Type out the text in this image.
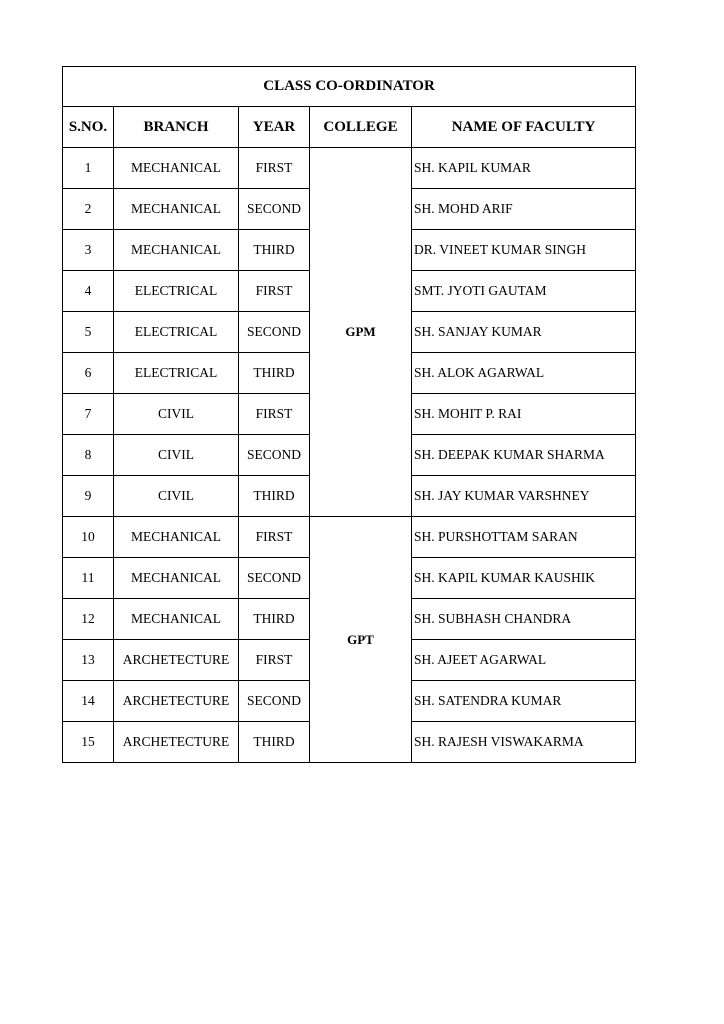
CLASS CO-ORDINATOR				
S.NO.	BRANCH	YEAR	COLLEGE	NAME OF FACULTY
1	MECHANICAL	FIRST	GPM	SH. KAPIL KUMAR
2	MECHANICAL	SECOND		SH. MOHD ARIF
3	MECHANICAL	THIRD		DR. VINEET KUMAR SINGH
4	ELECTRICAL	FIRST		SMT. JYOTI GAUTAM
5	ELECTRICAL	SECOND		SH. SANJAY KUMAR
6	ELECTRICAL	THIRD		SH. ALOK AGARWAL
7	CIVIL	FIRST		SH. MOHIT P. RAI
8	CIVIL	SECOND		SH. DEEPAK KUMAR SHARMA
9	CIVIL	THIRD		SH. JAY KUMAR VARSHNEY
10	MECHANICAL	FIRST	GPT	SH. PURSHOTTAM SARAN
11	MECHANICAL	SECOND		SH. KAPIL KUMAR KAUSHIK
12	MECHANICAL	THIRD		SH. SUBHASH CHANDRA
13	ARCHETECTURE	FIRST		SH. AJEET AGARWAL
14	ARCHETECTURE	SECOND		SH. SATENDRA KUMAR
15	ARCHETECTURE	THIRD		SH. RAJESH VISWAKARMA
